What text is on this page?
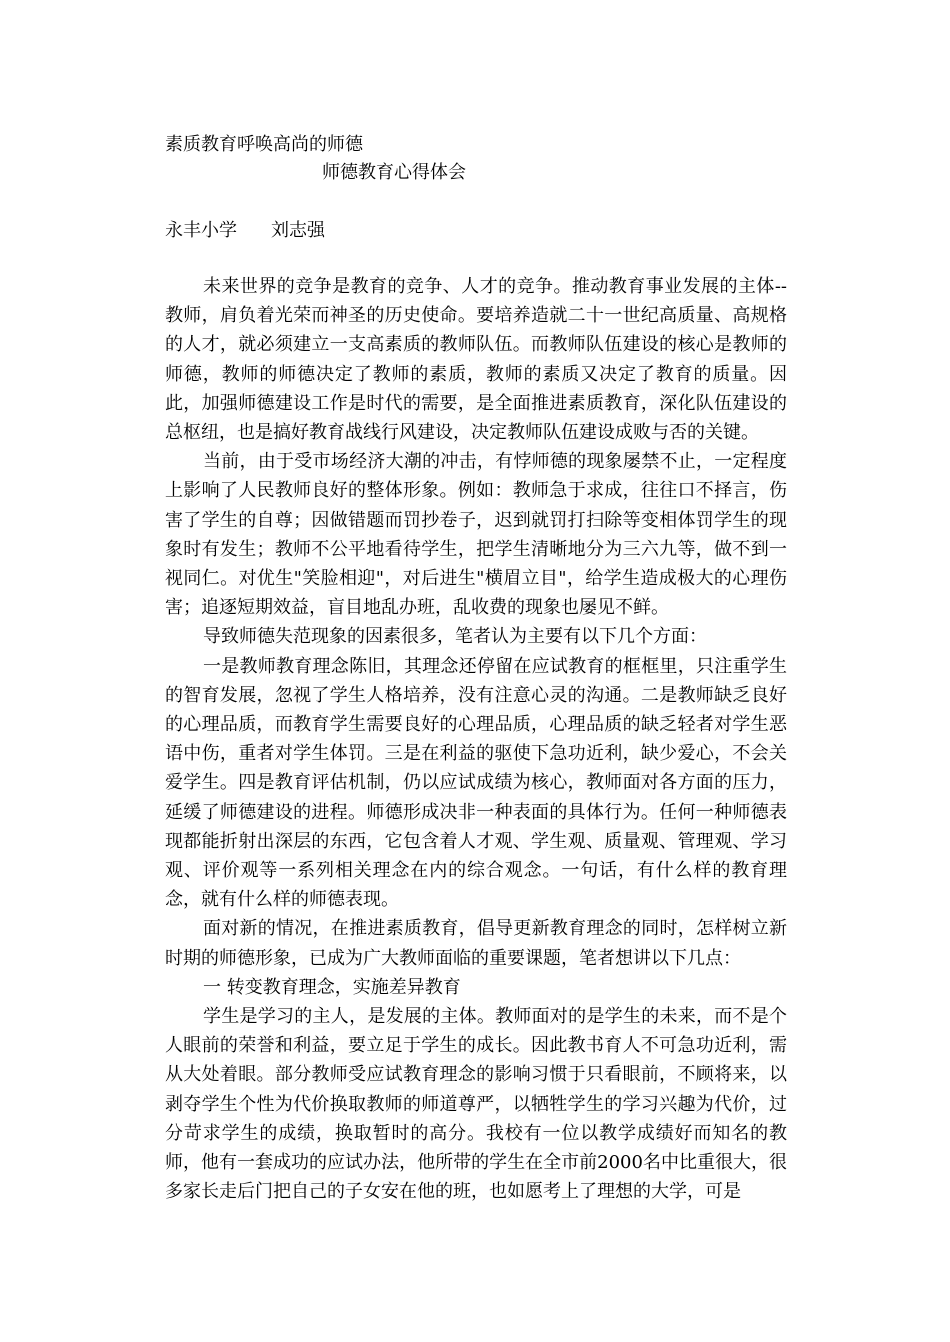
素质教育呼唤高尚的师德
师德教育心得体会
永丰小学 刘志强

未来世界的竞争是教育的竞争、人才的竞争。推动教育事业发展的主体--教师，肩负着光荣而神圣的历史使命。要培养造就二十一世纪高质量、高规格的人才，就必须建立一支高素质的教师队伍。而教师队伍建设的核心是教师的师德，教师的师德决定了教师的素质，教师的素质又决定了教育的质量。因此，加强师德建设工作是时代的需要，是全面推进素质教育，深化队伍建设的总枢纽，也是搞好教育战线行风建设，决定教师队伍建设成败与否的关键。

当前，由于受市场经济大潮的冲击，有悖师德的现象屡禁不止，一定程度上影响了人民教师良好的整体形象。例如：教师急于求成，往往口不择言，伤害了学生的自尊；因做错题而罚抄卷子，迟到就罚打扫除等变相体罚学生的现象时有发生；教师不公平地看待学生，把学生清晰地分为三六九等，做不到一视同仁。对优生"笑脸相迎"，对后进生"横眉立目"，给学生造成极大的心理伤害；追逐短期效益，盲目地乱办班，乱收费的现象也屡见不鲜。

导致师德失范现象的因素很多，笔者认为主要有以下几个方面：

一是教师教育理念陈旧，其理念还停留在应试教育的框框里，只注重学生的智育发展，忽视了学生人格培养，没有注意心灵的沟通。二是教师缺乏良好的心理品质，而教育学生需要良好的心理品质，心理品质的缺乏轻者对学生恶语中伤，重者对学生体罚。三是在利益的驱使下急功近利，缺少爱心，不会关爱学生。四是教育评估机制，仍以应试成绩为核心，教师面对各方面的压力，延缓了师德建设的进程。师德形成决非一种表面的具体行为。任何一种师德表现都能折射出深层的东西，它包含着人才观、学生观、质量观、管理观、学习观、评价观等一系列相关理念在内的综合观念。一句话，有什么样的教育理念，就有什么样的师德表现。

面对新的情况，在推进素质教育，倡导更新教育理念的同时，怎样树立新时期的师德形象，已成为广大教师面临的重要课题，笔者想讲以下几点：

一 转变教育理念，实施差异教育

学生是学习的主人，是发展的主体。教师面对的是学生的未来，而不是个人眼前的荣誉和利益，要立足于学生的成长。因此教书育人不可急功近利，需从大处着眼。部分教师受应试教育理念的影响习惯于只看眼前，不顾将来，以剥夺学生个性为代价换取教师的师道尊严，以牺牲学生的学习兴趣为代价，过分苛求学生的成绩，换取暂时的高分。我校有一位以教学成绩好而知名的教师，他有一套成功的应试办法，他所带的学生在全市前2000名中比重很大，很多家长走后门把自己的子女安在他的班，也如愿考上了理想的大学，可是
